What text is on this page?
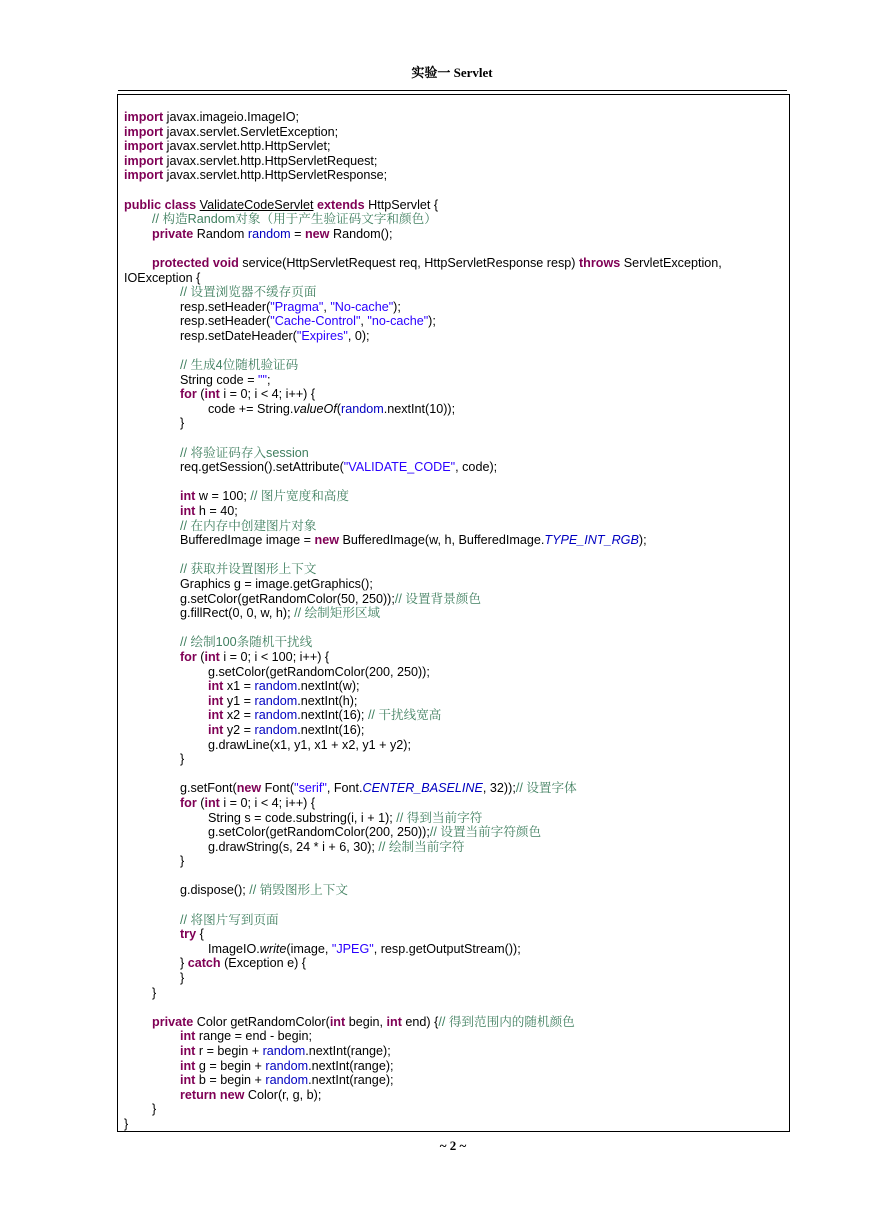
实验一 Servlet
import javax.imageio.ImageIO;
import javax.servlet.ServletException;
import javax.servlet.http.HttpServlet;
import javax.servlet.http.HttpServletRequest;
import javax.servlet.http.HttpServletResponse;
public class ValidateCodeServlet extends HttpServlet {
// 构造Random对象（用于产生验证码文字和颜色）
private Random random = new Random();
protected void service(HttpServletRequest req, HttpServletResponse resp) throws ServletException,
IOException {
// 设置浏览器不缓存页面
resp.setHeader("Pragma", "No-cache");
resp.setHeader("Cache-Control", "no-cache");
resp.setDateHeader("Expires", 0);
// 生成4位随机验证码
String code = "";
for (int i = 0; i < 4; i++) {
code += String.valueOf(random.nextInt(10));
}
// 将验证码存入session
req.getSession().setAttribute("VALIDATE_CODE", code);
int w = 100; // 图片宽度和高度
int h = 40;
// 在内存中创建图片对象
BufferedImage image = new BufferedImage(w, h, BufferedImage.TYPE_INT_RGB);
// 获取并设置图形上下文
Graphics g = image.getGraphics();
g.setColor(getRandomColor(50, 250));// 设置背景颜色
g.fillRect(0, 0, w, h); // 绘制矩形区域
// 绘制100条随机干扰线
for (int i = 0; i < 100; i++) {
g.setColor(getRandomColor(200, 250));
int x1 = random.nextInt(w);
int y1 = random.nextInt(h);
int x2 = random.nextInt(16); // 干扰线宽高
int y2 = random.nextInt(16);
g.drawLine(x1, y1, x1 + x2, y1 + y2);
}
g.setFont(new Font("serif", Font.CENTER_BASELINE, 32));// 设置字体
for (int i = 0; i < 4; i++) {
String s = code.substring(i, i + 1); // 得到当前字符
g.setColor(getRandomColor(200, 250));// 设置当前字符颜色
g.drawString(s, 24 * i + 6, 30); // 绘制当前字符
}
g.dispose(); // 销毁图形上下文
// 将图片写到页面
try {
ImageIO.write(image, "JPEG", resp.getOutputStream());
} catch (Exception e) {
}
}
private Color getRandomColor(int begin, int end) {// 得到范围内的随机颜色
int range = end - begin;
int r = begin + random.nextInt(range);
int g = begin + random.nextInt(range);
int b = begin + random.nextInt(range);
return new Color(r, g, b);
}
}
~ 2 ~
